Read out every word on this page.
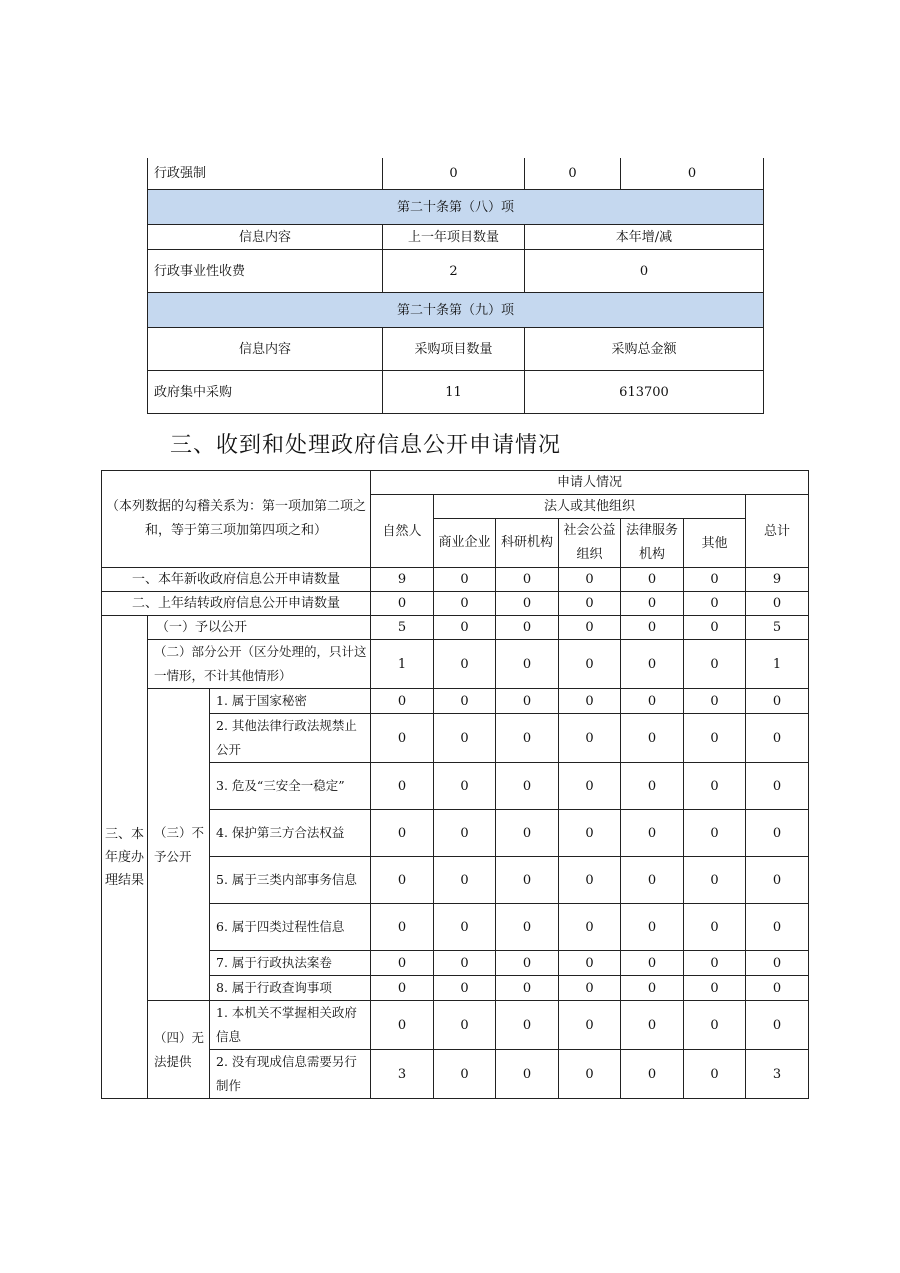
行政强制	0	0	0
第二十条第（八）项			
信息内容	上一年项目数量	本年增/减	
行政事业性收费	2	0	
第二十条第（九）项			
信息内容	采购项目数量	采购总金额	
政府集中采购	11	613700	
三、收到和处理政府信息公开申请情况
（本列数据的勾稽关系为：第一项加第二项之和，等于第三项加第四项之和）			申请人情况						
			自然人	法人或其他组织					总计
				商业企业	科研机构	社会公益组织	法律服务机构	其他	
一、本年新收政府信息公开申请数量			9	0	0	0	0	0	9
二、上年结转政府信息公开申请数量			0	0	0	0	0	0	0
三、本年度办理结果	（一）予以公开		5	0	0	0	0	0	5
	（二）部分公开（区分处理的，只计这一情形，不计其他情形）		1	0	0	0	0	0	1
	（三）不予公开	1. 属于国家秘密	0	0	0	0	0	0	0
		2. 其他法律行政法规禁止公开	0	0	0	0	0	0	0
		3. 危及“三安全一稳定”	0	0	0	0	0	0	0
		4. 保护第三方合法权益	0	0	0	0	0	0	0
		5. 属于三类内部事务信息	0	0	0	0	0	0	0
		6. 属于四类过程性信息	0	0	0	0	0	0	0
		7. 属于行政执法案卷	0	0	0	0	0	0	0
		8. 属于行政查询事项	0	0	0	0	0	0	0
	（四）无法提供	1. 本机关不掌握相关政府信息	0	0	0	0	0	0	0
		2. 没有现成信息需要另行制作	3	0	0	0	0	0	3
